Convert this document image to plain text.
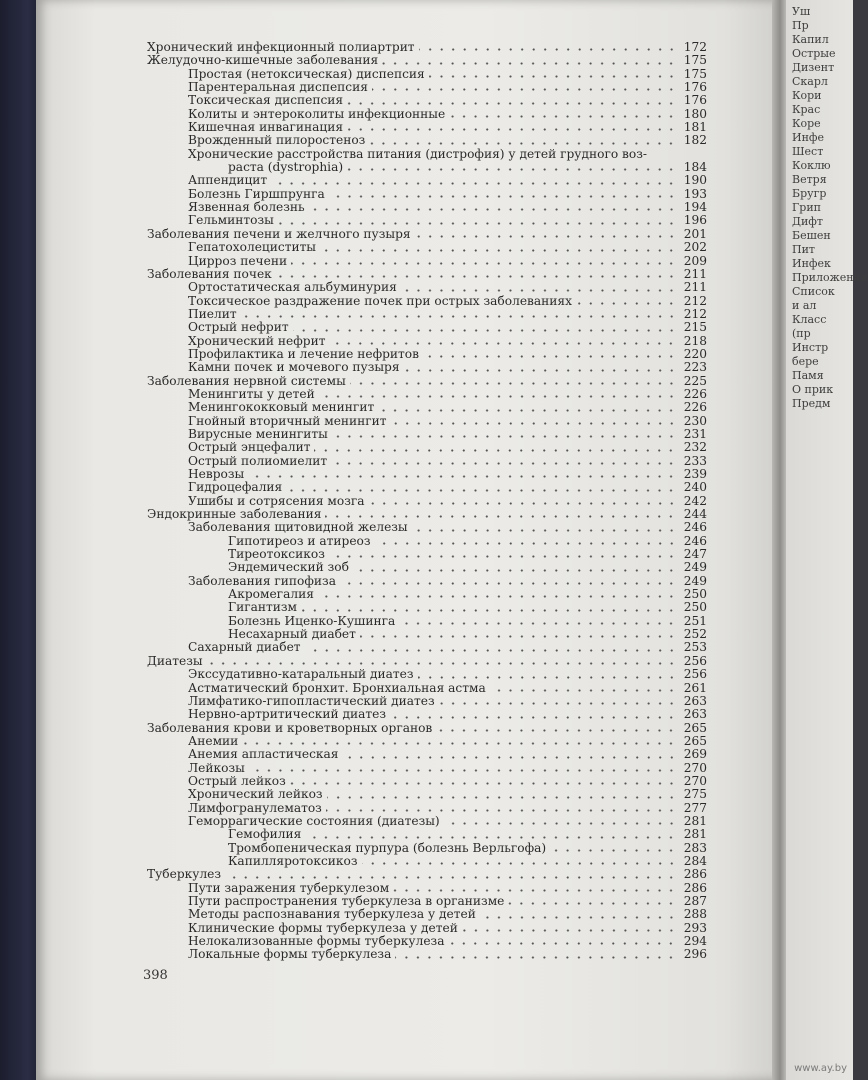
Уш
Пр
Капил
Острые
Дизент
Скарл
Кори
Крас
Коре
Инфе
Шест
Коклю
Ветря
Бругр
Грип
Дифт
Бешен
Пит
Инфек
Приложения
Список
и ал
Класс
(пр
Инстр
бере
Памя
О прик
Предм
Хронический инфекционный полиартрит	172
Желудочно-кишечные заболевания	175
Простая (нетоксическая) диспепсия	175
Парентеральная диспепсия	176
Токсическая диспепсия	176
Колиты и энтероколиты инфекционные	180
Кишечная инвагинация	181
Врожденный пилоростеноз	182
Хронические расстройства питания (дистрофия) у детей грудного воз-
раста (dystrophia)	184
Аппендицит	190
Болезнь Гиршпрунга	193
Язвенная болезнь	194
Гельминтозы	196
Заболевания печени и желчного пузыря	201
Гепатохолециститы	202
Цирроз печени	209
Заболевания почек	211
Ортостатическая альбуминурия	211
Токсическое раздражение почек при острых заболеваниях	212
Пиелит	212
Острый нефрит	215
Хронический нефрит	218
Профилактика и лечение нефритов	220
Камни почек и мочевого пузыря	223
Заболевания нервной системы	225
Менингиты у детей	226
Менингококковый менингит	226
Гнойный вторичный менингит	230
Вирусные менингиты	231
Острый энцефалит	232
Острый полиомиелит	233
Неврозы	239
Гидроцефалия	240
Ушибы и сотрясения мозга	242
Эндокринные заболевания	244
Заболевания щитовидной железы	246
Гипотиреоз и атиреоз	246
Тиреотоксикоз	247
Эндемический зоб	249
Заболевания гипофиза	249
Акромегалия	250
Гигантизм	250
Болезнь Иценко-Кушинга	251
Несахарный диабет	252
Сахарный диабет	253
Диатезы	256
Экссудативно-катаральный диатез	256
Астматический бронхит. Бронхиальная астма	261
Лимфатико-гипопластический диатез	263
Нервно-артритический диатез	263
Заболевания крови и кроветворных органов	265
Анемии	265
Анемия апластическая	269
Лейкозы	270
Острый лейкоз	270
Хронический лейкоз	275
Лимфогранулематоз	277
Геморрагические состояния (диатезы)	281
Гемофилия	281
Тромбопеническая пурпура (болезнь Верльгофа)	283
Капилляротоксикоз	284
Туберкулез	286
Пути заражения туберкулезом	286
Пути распространения туберкулеза в организме	287
Методы распознавания туберкулеза у детей	288
Клинические формы туберкулеза у детей	293
Нелокализованные формы туберкулеза	294
Локальные формы туберкулеза	296
398
www.ay.by
